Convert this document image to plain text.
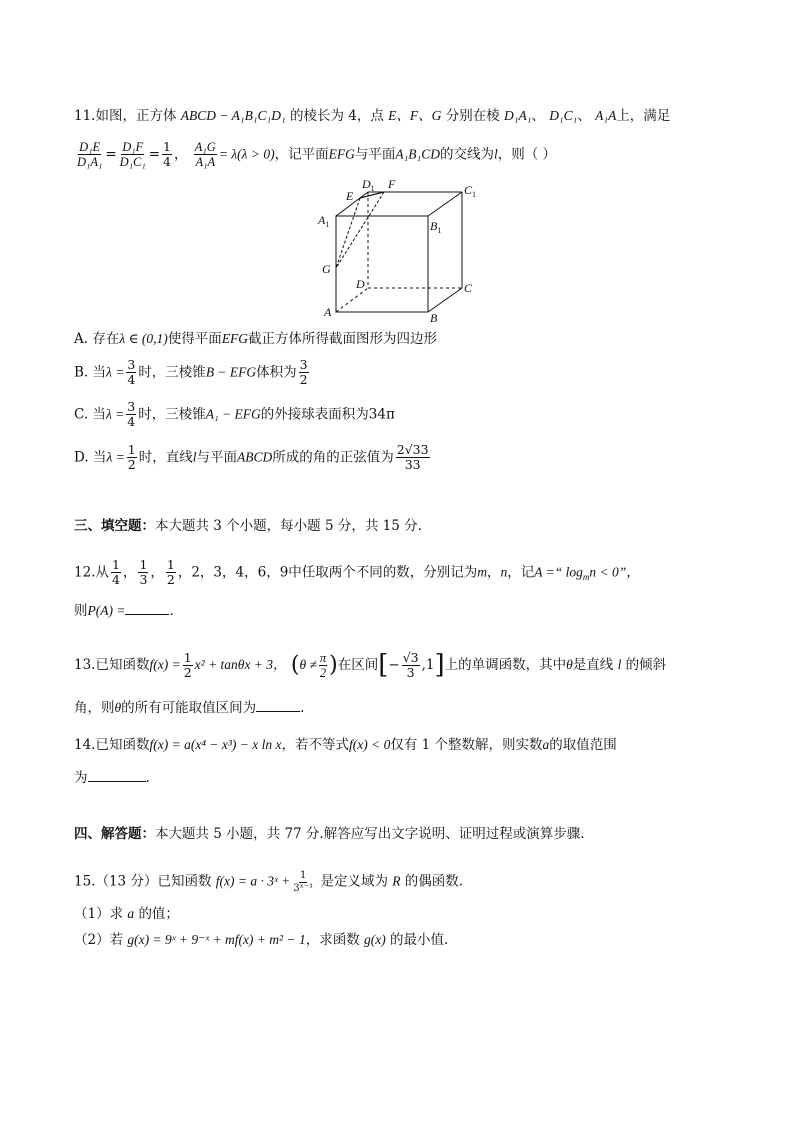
11.如图，正方体 ABCD − A₁B₁C₁D₁ 的棱长为 4，点 E、F、G 分别在棱 D₁A₁、 D₁C₁、 A₁A上，满足
$\frac{\text{D₁E}}{\text{D₁A₁}} = \frac{\text{D₁F}}{\text{D₁C₁}} = \frac{1}{4}$ ， $\frac{\text{A₁G}}{\text{A₁A}} = \lambda(\lambda > 0)$，记平面EFG与平面A₁B₁CD的交线为l，则（ ）
E
$D_1$ F	$C_1$
$A_1$	$B_1$
G
D	C
A	B
A. 存在λ ∈ (0,1)使得平面EFG截正方体所得截面图形为四边形
B. 当$\lambda = \frac{3}{4}$ 时，三棱锥B − EFG体积为 $\frac{3}{2}$
C. 当$\lambda = \frac{3}{4}$ 时，三棱锥A₁ − EFG的外接球表面积为34π
D. 当$\lambda = \frac{1}{2}$ 时，直线l与平面ABCD所成的角的正弦值为 $\frac{2√33}{33}$
三、填空题：本大题共 3 个小题，每小题 5 分，共 15 分.
12.从 $\frac{1}{4}$ ， $\frac{1}{3}$ ， $\frac{1}{2}$ ，2，3，4，6，9中任取两个不同的数，分别记为m，n，记A =“ $\log_mn < 0$”，
则P(A) =	.
13.已知函数$f(x) = \frac{1}{2} x^2 + \tan\theta x + 3$， ($\theta \ne \frac{\pi}{2}$ )在区间[− $\frac{√3}{3} ,1$]上的单调函数，其中θ是直线 l 的倾斜
角，则θ的所有可能取值区间为	.
14.已知函数f(x) = a(x⁴ − x³) − x ln x，若不等式f(x) < 0仅有 1 个整数解，则实数a的取值范围
为	.
四、解答题：本大题共 5 小题，共 77 分.解答应写出文字说明、证明过程或演算步骤.
15.（13 分）已知函数 f(x) = a · 3ˣ + $\frac{1}{\text{3ˣ⁻¹}}$ 是定义域为 R 的偶函数.
（1）求 a 的值；
（2）若 g(x) = 9ˣ + 9⁻ˣ + mf(x) + m² − 1，求函数 g(x) 的最小值.
